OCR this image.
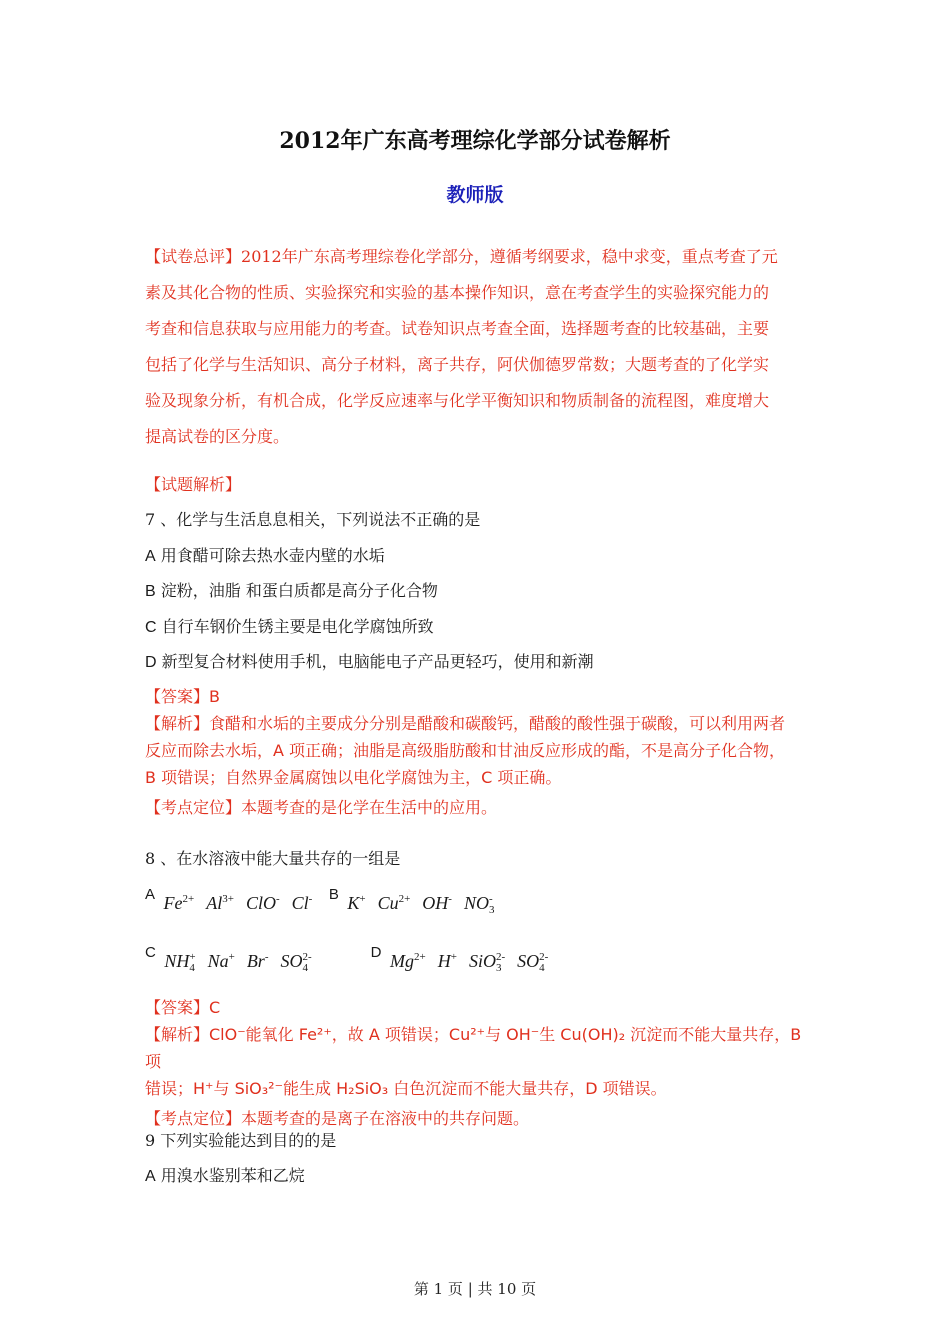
2012年广东高考理综化学部分试卷解析
教师版
【试卷总评】2012年广东高考理综卷化学部分，遵循考纲要求，稳中求变，重点考查了元
素及其化合物的性质、实验探究和实验的基本操作知识，意在考查学生的实验探究能力的
考查和信息获取与应用能力的考查。试卷知识点考查全面，选择题考查的比较基础，主要
包括了化学与生活知识、高分子材料，离子共存，阿伏伽德罗常数；大题考查的了化学实
验及现象分析，有机合成，化学反应速率与化学平衡知识和物质制备的流程图，难度增大
提高试卷的区分度。
【试题解析】
7 、化学与生活息息相关，下列说法不正确的是
A 用食醋可除去热水壶内壁的水垢
B 淀粉，油脂 和蛋白质都是高分子化合物
C 自行车钢价生锈主要是电化学腐蚀所致
D 新型复合材料使用手机，电脑能电子产品更轻巧，使用和新潮
【答案】B
【解析】食醋和水垢的主要成分分别是醋酸和碳酸钙，醋酸的酸性强于碳酸，可以利用两者
反应而除去水垢，A 项正确；油脂是高级脂肪酸和甘油反应形成的酯，不是高分子化合物，
B 项错误；自然界金属腐蚀以电化学腐蚀为主，C 项正确。
【考点定位】本题考查的是化学在生活中的应用。
8 、在水溶液中能大量共存的一组是
$^A$ $Fe^{2+}$ $Al^{3+}$ ClO- Cl- $^B$ K+ $Cu^{2+}$ OH- NO -
3
$^C$ NH +
4 Na+ Br- SO 2-
4
$^D$ $Mg^{2+}$ H+ SiO 2-
3 SO 2-
4
【答案】C
【解析】ClO⁻能氧化 Fe²⁺，故 A 项错误；Cu²⁺与 OH⁻生 Cu(OH)₂ 沉淀而不能大量共存，B 项
错误；H⁺与 SiO₃²⁻能生成 H₂SiO₃ 白色沉淀而不能大量共存，D 项错误。
【考点定位】本题考查的是离子在溶液中的共存问题。
9 下列实验能达到目的的是
A 用溴水鉴别苯和乙烷
第 1 页 | 共 10 页
